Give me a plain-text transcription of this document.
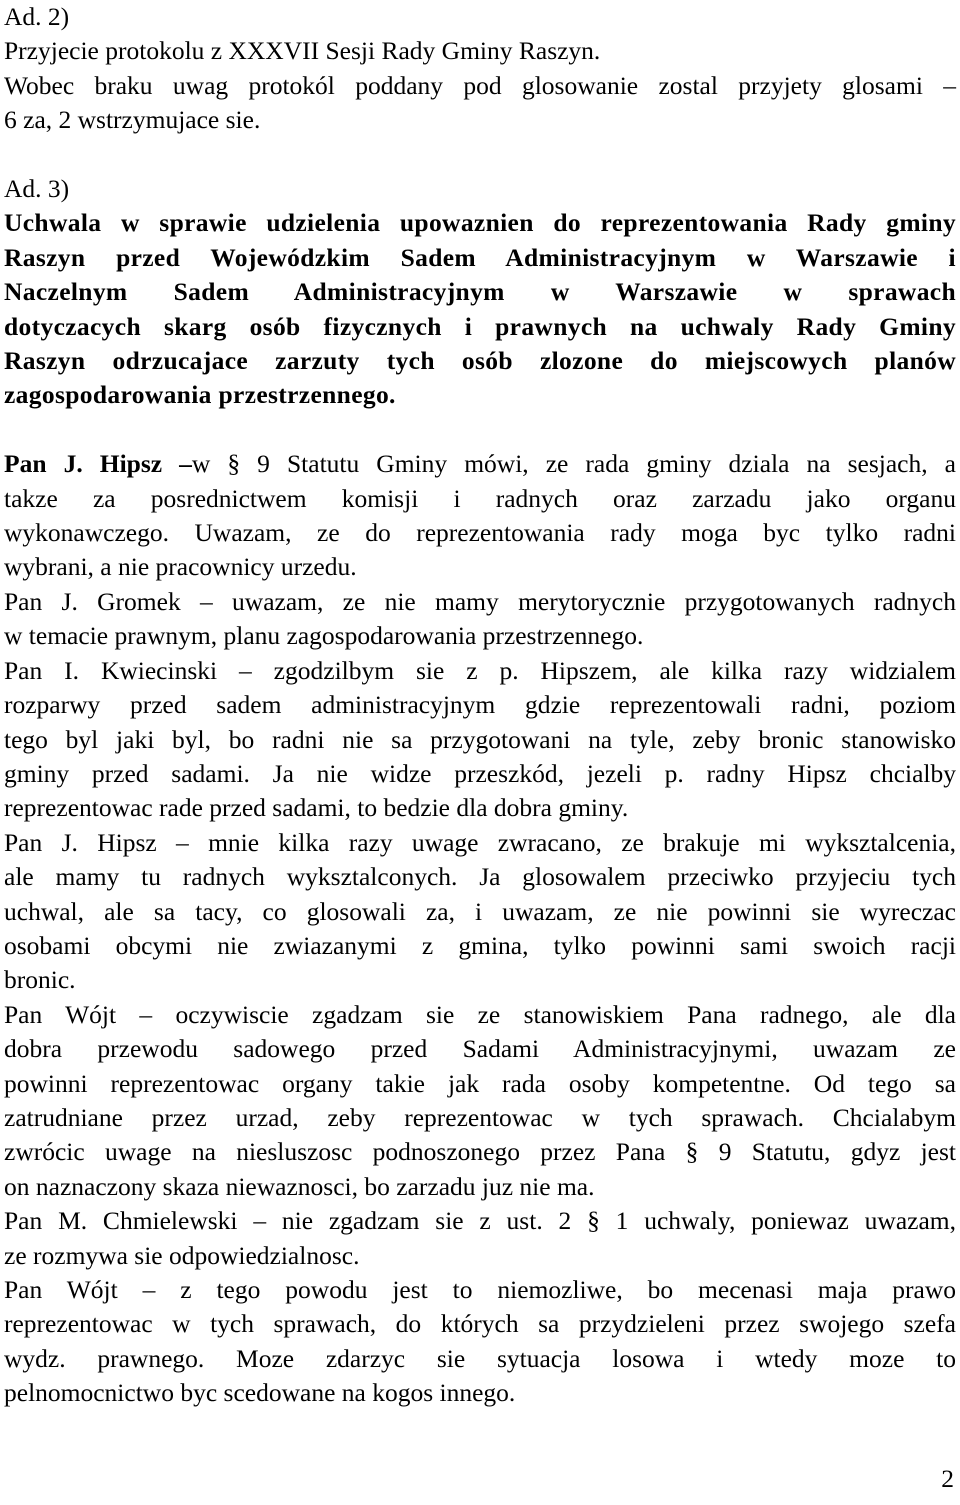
Ad. 2)
Przyjecie protokolu z XXXVII Sesji Rady Gminy Raszyn.
Wobec braku uwag protokól poddany pod glosowanie zostal przyjety glosami –
6 za, 2 wstrzymujace sie.
Ad. 3)
Uchwala w sprawie udzielenia upowaznien do reprezentowania Rady gminy
Raszyn przed Wojewódzkim Sadem Administracyjnym w Warszawie i
Naczelnym Sadem Administracyjnym w Warszawie w sprawach
dotyczacych skarg osób fizycznych i prawnych na uchwaly Rady Gminy
Raszyn odrzucajace zarzuty tych osób zlozone do miejscowych planów
zagospodarowania przestrzennego.
Pan J. Hipsz –w § 9 Statutu Gminy mówi, ze rada gminy dziala na sesjach, a
takze za posrednictwem komisji i radnych oraz zarzadu jako organu
wykonawczego. Uwazam, ze do reprezentowania rady moga byc tylko radni
wybrani, a nie pracownicy urzedu.
Pan J. Gromek – uwazam, ze nie mamy merytorycznie przygotowanych radnych
w temacie prawnym, planu zagospodarowania przestrzennego.
Pan I. Kwiecinski – zgodzilbym sie z p. Hipszem, ale kilka razy widzialem
rozparwy przed sadem administracyjnym gdzie reprezentowali radni, poziom
tego byl jaki byl, bo radni nie sa przygotowani na tyle, zeby bronic stanowisko
gminy przed sadami. Ja nie widze przeszkód, jezeli p. radny Hipsz chcialby
reprezentowac rade przed sadami, to bedzie dla dobra gminy.
Pan J. Hipsz – mnie kilka razy uwage zwracano, ze brakuje mi wyksztalcenia,
ale mamy tu radnych wyksztalconych. Ja glosowalem przeciwko przyjeciu tych
uchwal, ale sa tacy, co glosowali za, i uwazam, ze nie powinni sie wyreczac
osobami obcymi nie zwiazanymi z gmina, tylko powinni sami swoich racji
bronic.
Pan Wójt – oczywiscie zgadzam sie ze stanowiskiem Pana radnego, ale dla
dobra przewodu sadowego przed Sadami Administracyjnymi, uwazam ze
powinni reprezentowac organy takie jak rada osoby kompetentne. Od tego sa
zatrudniane przez urzad, zeby reprezentowac w tych sprawach. Chcialabym
zwrócic uwage na niesluszosc podnoszonego przez Pana § 9 Statutu, gdyz jest
on naznaczony skaza niewaznosci, bo zarzadu juz nie ma.
Pan M. Chmielewski – nie zgadzam sie z ust. 2 § 1 uchwaly, poniewaz uwazam,
ze rozmywa sie odpowiedzialnosc.
Pan Wójt – z tego powodu jest to niemozliwe, bo mecenasi maja prawo
reprezentowac w tych sprawach, do których sa przydzieleni przez swojego szefa
wydz. prawnego. Moze zdarzyc sie sytuacja losowa i wtedy moze to
pelnomocnictwo byc scedowane na kogos innego.
2
